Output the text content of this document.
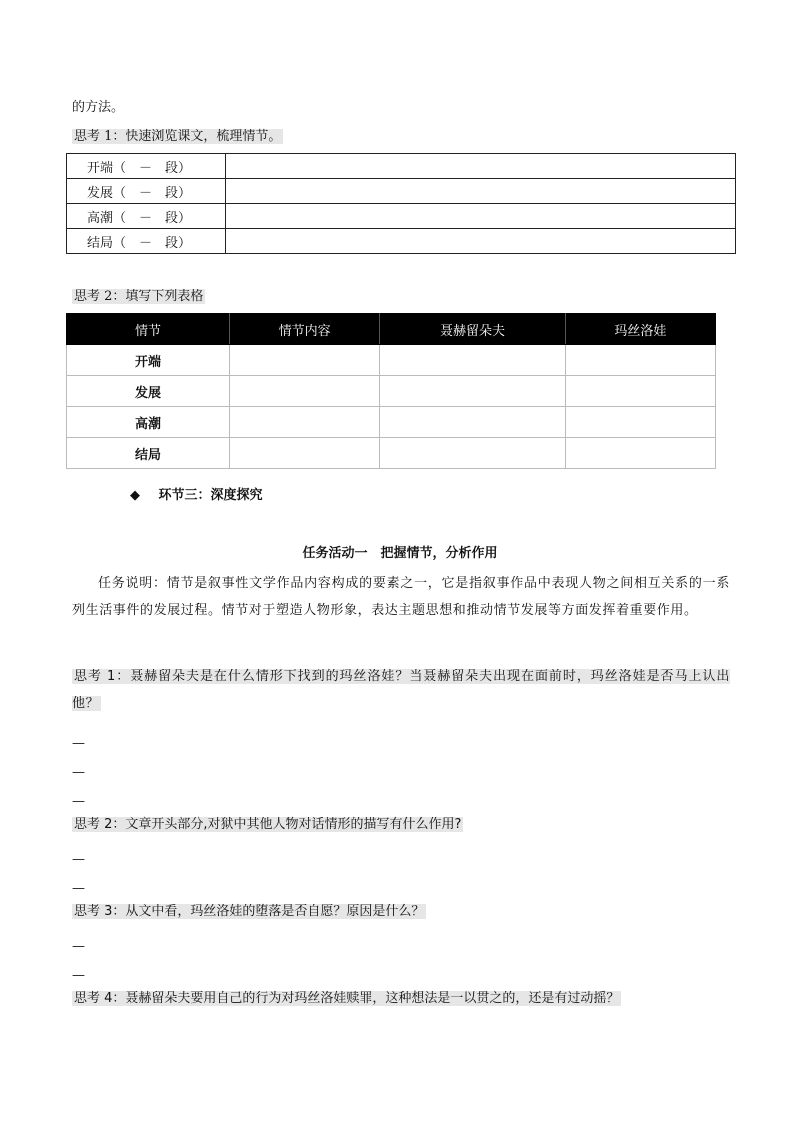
的方法。
思考 1：快速浏览课文，梳理情节。
开端（　－　段）	
发展（　－　段）	
高潮（　－　段）	
结局（　－　段）	
思考 2：填写下列表格
情节	情节内容	聂赫留朵夫	玛丝洛娃
开端			
发展			
高潮			
结局			
◆ 环节三：深度探究
任务活动一　把握情节，分析作用
任务说明：情节是叙事性文学作品内容构成的要素之一，它是指叙事作品中表现人物之间相互关系的一系列生活事件的发展过程。情节对于塑造人物形象，表达主题思想和推动情节发展等方面发挥着重要作用。
思考 1：聂赫留朵夫是在什么情形下找到的玛丝洛娃？当聂赫留朵夫出现在面前时，玛丝洛娃是否马上认出他？
—
—
—
思考 2：文章开头部分,对狱中其他人物对话情形的描写有什么作用?
—
—
思考 3：从文中看，玛丝洛娃的堕落是否自愿？原因是什么？
—
—
思考 4：聂赫留朵夫要用自己的行为对玛丝洛娃赎罪，这种想法是一以贯之的，还是有过动摇？
